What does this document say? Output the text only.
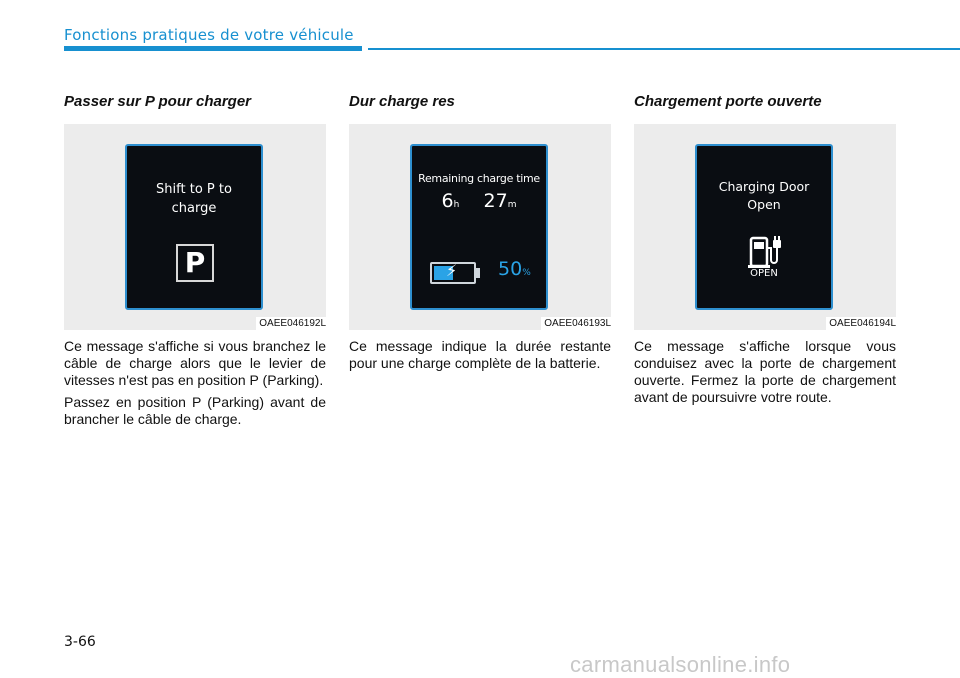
Fonctions pratiques de votre véhicule
Passer sur P pour charger
Shift to P to
charge
P
OAEE046192L

Ce message s'affiche si vous branchez le câble de charge alors que le levier de vitesses n'est pas en position P (Parking).

Passez en position P (Parking) avant de brancher le câble de charge.

Dur charge res
Remaining charge time
6h 27m
⚡ 50%
OAEE046193L

Ce message indique la durée restante pour une charge complète de la batterie.

Chargement porte ouverte
Charging Door
Open
OPEN
OAEE046194L

Ce message s'affiche lorsque vous conduisez avec la porte de chargement ouverte. Fermez la porte de chargement avant de poursuivre votre route.

3-66
carmanualsonline.info
